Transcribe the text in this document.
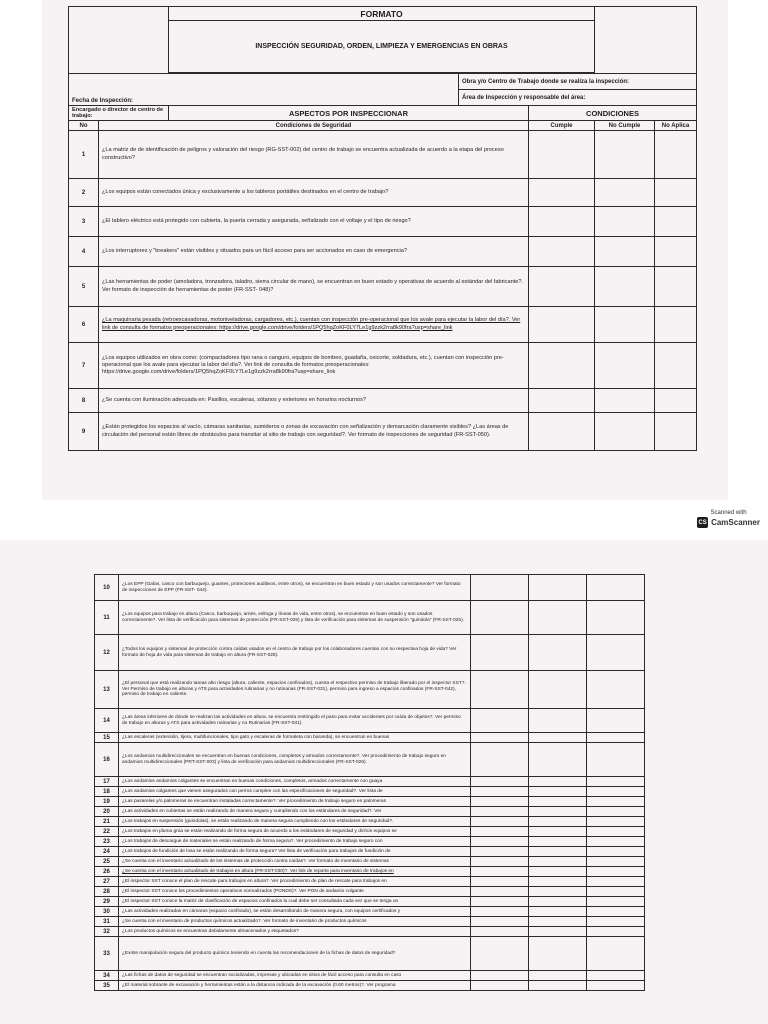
		FORMATO				
		INSPECCIÓN SEGURIDAD, ORDEN, LIMPIEZA Y EMERGENCIAS EN OBRAS				

Fecha de Inspección:			Obra y/o Centro de Trabajo donde se realiza la inspección:			
			Área de Inspección y responsable del área:			
Encargado o director de centro de trabajo:		ASPECTOS POR INSPECCIONAR		CONDICIONES		
No	Condiciones de Seguridad			Cumple	No Cumple	No Aplica
1	¿La matriz de de identificación de peligros y valoración del riesgo (RG-SST-002) del centro de trabajo se encuentra actualizada de acuerdo a la etapa del proceso constructivo?					
2	¿Los equipos están conectados única y exclusivamente a los tableros portátiles destinados en el centro de trabajo?					
3	¿El tablero eléctrico está protegido con cubierta, la puerta cerrada y asegurada, señalizado con el voltaje y el tipo de riesgo?					
4	¿Los interruptores y "breakers" están visibles y situados para un fácil acceso para ser accionados en caso de emergencia?					
5	¿Las herramientas de poder (amoladora, tronzadora, taladro, sierra circular de mano), se encuentran en buen estado y operativas de acuerdo al estándar del fabricante?. Ver formato de inspección de herramientas de poder (FR-SST- 048)?					
6	¿La maquinaria pesada (retroexcavadoras, motoniveladoras, cargadores, etc.), cuentan con inspección pre-operacional que los avale para ejecutar la labor del día?. Ver link de consulta de formatos preoperacionales: https://drive.google.com/drive/folders/1PQ5hqZoKF0LY7Le1g9zzk2rra8k90fra?usp=share_link					
7	¿Los equipos utilizados en obra como: (compactadores tipo rana o canguro, equipos de bombeo, guadaña, oxicorte, soldadura, etc.), cuentan con inspección pre-operacional que los avale para ejecutar la labor del día?. Ver link de consulta de formatos preoperacionales: https://drive.google.com/drive/folders/1PQ5hqZoKF0LY7Le1g9zzk2rra8k90fra?usp=share_link					
8	¿Se cuenta con iluminación adecuada en: Pasillos, escaleras, sótanos y exteriores en horarios nocturnos?					
9	¿Están protegidos los espacios al vacío, cámaras sanitarias, sumideros o zonas de excavación con señalización y demarcación claramente visibles? ¿Las áreas de circulación del personal están libres de obstáculos para transitar al sitio de trabajo con seguridad?. Ver formato de inspecciones de seguridad (FR-SST-050).					
Scanned with
CS CamScanner
10	¿Los EPP (Gafas, casco con barbuquejo, guantes, protectores auditivos, entre otros), se encuentran en buen estado y son usados correctamente? Ver formato de inspecciones de EPP (FR-SST- 044).			
11	¿Los equipos para trabajo en altura (Casco, barbuquejo, arnés, eslinga y líneas de vida, entre otros), se encuentran en buen estado y son usados correctamente?. Ver lista de verificación para sistemas de protección (FR-SST-029) y lista de verificación para sistemas de suspensión "guindola" (FR-SST-025).			
12	¿Todos los equipos y sistemas de protección contra caídas usados en el centro de trabajo por los colaboradores cuentan con su respectiva hoja de vida? Ver formato de hoja de vida para sistemas de trabajo en altura (FR-SST-028).			
13	¿El personal que está realizando tareas alto riesgo (altura, caliente, espacios confinados), cuenta el respectivo permiso de trabajo liberado por el inspector SST?. Ver Permiso de trabajo en alturas y ATS para actividades rutinarias y no rutinarias (FR-SST-031), permiso para ingreso a espacios confinados (FR-SST-042), permiso de trabajo en caliente.			
14	¿Las áreas inferiores de dónde se realizan las actividades en altura, se encuentra restringido el paso para evitar accidentes por caída de objetos?. Ver permiso de trabajo en alturas y ATS para actividades rutinarias y no Rutinarias (FR-SST-031).			
15	¿Las escaleras (extensión, tijera, multifuncionales, tipo gato y escaleras de formaleta con baranda), se encuentran en buenas			
16	¿Los andamios multidireccionales se encuentran en buenas condiciones, completos y armados correctamente?. Ver procedimiento de trabajo seguro en andamios multidireccionales (PRT-SST-003) y lista de verificación para andamios multidireccionales (FR-SST-026).			
17	¿Los andamios andamios colgantes se encuentran en buenas condiciones, completos, armados correctamente con guaya			
18	¿Los andamios colgantes que vienen asegurados con perros cumplen con las especificaciones de seguridad?. Ver lista de			
19	¿Las pasarelas y/o palomeras se encuentran instaladas correctamente?. Ver procedimiento de trabajo seguro en palomeras			
20	¿Las actividades en cubiertas se están realizando de manera segura y cumpliendo con los estándares de seguridad?. Ver			
21	¿Los trabajos en suspensión (guindolas), se están realizando de manera segura cumpliendo con los estándares de seguridad?.			
22	¿Los trabajos en plumа grúa se están realizando de forma segura de acuerdo a los estándares de seguridad y dichos equipos se			
23	¿Los trabajos de descargue de materiales se están realizando de forma segura?. Ver procedimiento de trabajo seguro con			
24	¿Los trabajos de fundición de losa se están realizando de forma segura? Ver lista de verificación para trabajos de fundición de			
25	¿Se cuenta con el inventario actualizado de los sistemas de protección contra caídas?. Ver formato de inventario de sistemas			
26	¿Se cuenta con el inventario actualizado de trabajos en altura (FR-SST-030)?. Ver link de reporte para inventario de trabajos en			
27	¿El inspector SST conoce el plan de rescate para trabajos en altura?. Ver procedimiento de plan de rescate para trabajos en			
28	¿El inspector SST conoce los procedimientos operativos normalizados (PONDS)?. Ver PON de andamio colgante			
29	¿El inspector SST conoce la matriz de clasificación de espacios confinados la cual debe ser consultada cada vez que se tenga un			
30	¿Las actividades realizadas en cámaras (espacio confinado), se están desarrollando de manera segura, con equipos certificados y			
31	¿Se cuenta con el inventario de productos químicos actualizado?. Ver formato de inventario de productos químicos			
32	¿Los productos químicos se encuentran debidamente almacenados y etiquetados?			
33	¿Existe manipulación segura del producto químico teniendo en cuenta las recomendaciones de la fichas de datos de seguridad?			
34	¿Las fichas de datos de seguridad se encuentran socializadas, impresas y ubicadas en sitios de fácil acceso para consulta en caso			
35	¿El material sobrante de excavación y herramientas están a la distancia indicada de la excavación (0,60 metros)?. Ver programa			
